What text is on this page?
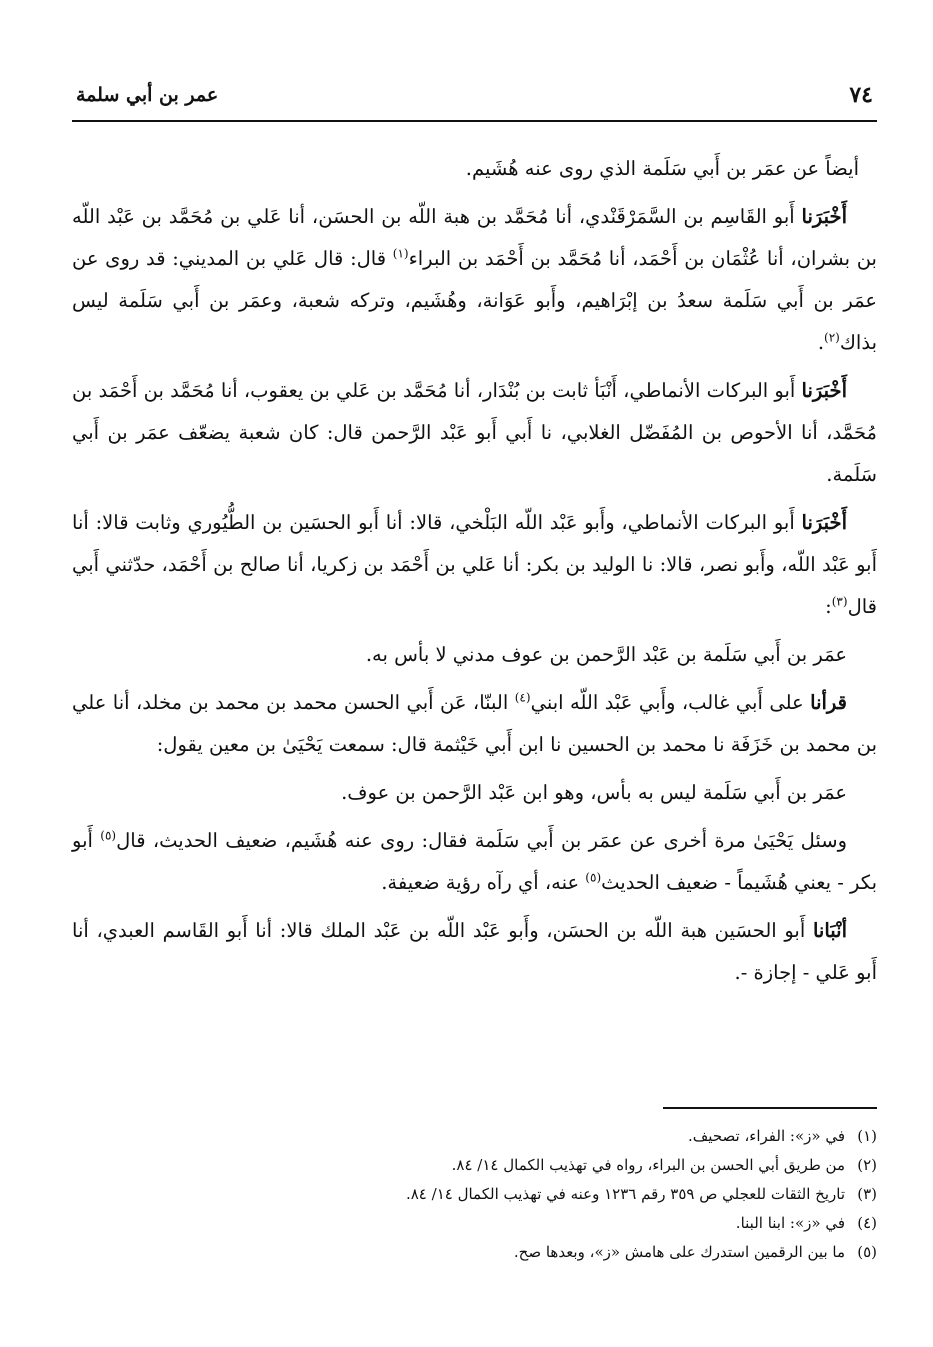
٧٤
عمر بن أبي سلمة

أيضاً عن عمَر بن أَبي سَلَمة الذي روى عنه هُشَيم.

أَخْبَرَنا أَبو القَاسِم بن السَّمَرْقَنْدي، أنا مُحَمَّد بن هبة اللّه بن الحسَن، أنا عَلي بن مُحَمَّد بن عَبْد اللّه بن بشران، أنا عُثْمَان بن أَحْمَد، أنا مُحَمَّد بن أَحْمَد بن البراء$^{(١)}$ قال: قال عَلي بن المديني: قد روى عن عمَر بن أَبي سَلَمة سعدُ بن إبْرَاهيم، وأَبو عَوَانة، وهُشَيم، وتركه شعبة، وعمَر بن أَبي سَلَمة ليس بذاك$^{(٢)}$.

أَخْبَرَنا أَبو البركات الأنماطي، أَنْبَأ ثابت بن بُنْدَار، أنا مُحَمَّد بن عَلي بن يعقوب، أنا مُحَمَّد بن أَحْمَد بن مُحَمَّد، أنا الأحوص بن المُفَضّل الغلابي، نا أَبي أَبو عَبْد الرَّحمن قال: كان شعبة يضعّف عمَر بن أَبي سَلَمة.

أَخْبَرَنا أَبو البركات الأنماطي، وأَبو عَبْد اللّه البَلْخي، قالا: أنا أَبو الحسَين بن الطُّيُوري وثابت قالا: أنا أَبو عَبْد اللّه، وأَبو نصر، قالا: نا الوليد بن بكر: أنا عَلي بن أَحْمَد بن زكريا، أنا صالح بن أَحْمَد، حدّثني أَبي قال$^{(٣)}$:

عمَر بن أَبي سَلَمة بن عَبْد الرَّحمن بن عوف مدني لا بأس به.

قرأنا على أَبي غالب، وأَبي عَبْد اللّه ابني$^{(٤)}$ البنّا، عَن أَبي الحسن محمد بن محمد بن مخلد، أنا علي بن محمد بن خَزَفَة نا محمد بن الحسين نا ابن أَبي خَيْثمة قال: سمعت يَحْيَىٰ بن معين يقول:

عمَر بن أَبي سَلَمة ليس به بأس، وهو ابن عَبْد الرَّحمن بن عوف.

وسئل يَحْيَىٰ مرة أخرى عن عمَر بن أَبي سَلَمة فقال: روى عنه هُشَيم، ضعيف الحديث، قال$^{(٥)}$ أَبو بكر - يعني هُشَيماً - ضعيف الحديث$^{(٥)}$ عنه، أي رآه رؤية ضعيفة.

أنْبَانا أَبو الحسَين هبة اللّه بن الحسَن، وأَبو عَبْد اللّه بن عَبْد الملك قالا: أنا أَبو القَاسم العبدي، أنا أَبو عَلي - إجازة -.

(١)في «ز»: الفراء، تصحيف.
(٢)من طريق أبي الحسن بن البراء، رواه في تهذيب الكمال ١٤/ ٨٤.
(٣)تاريخ الثقات للعجلي ص ٣٥٩ رقم ١٢٣٦ وعنه في تهذيب الكمال ١٤/ ٨٤.
(٤)في «ز»: ابنا البنا.
(٥)ما بين الرقمين استدرك على هامش «ز»، وبعدها صح.
